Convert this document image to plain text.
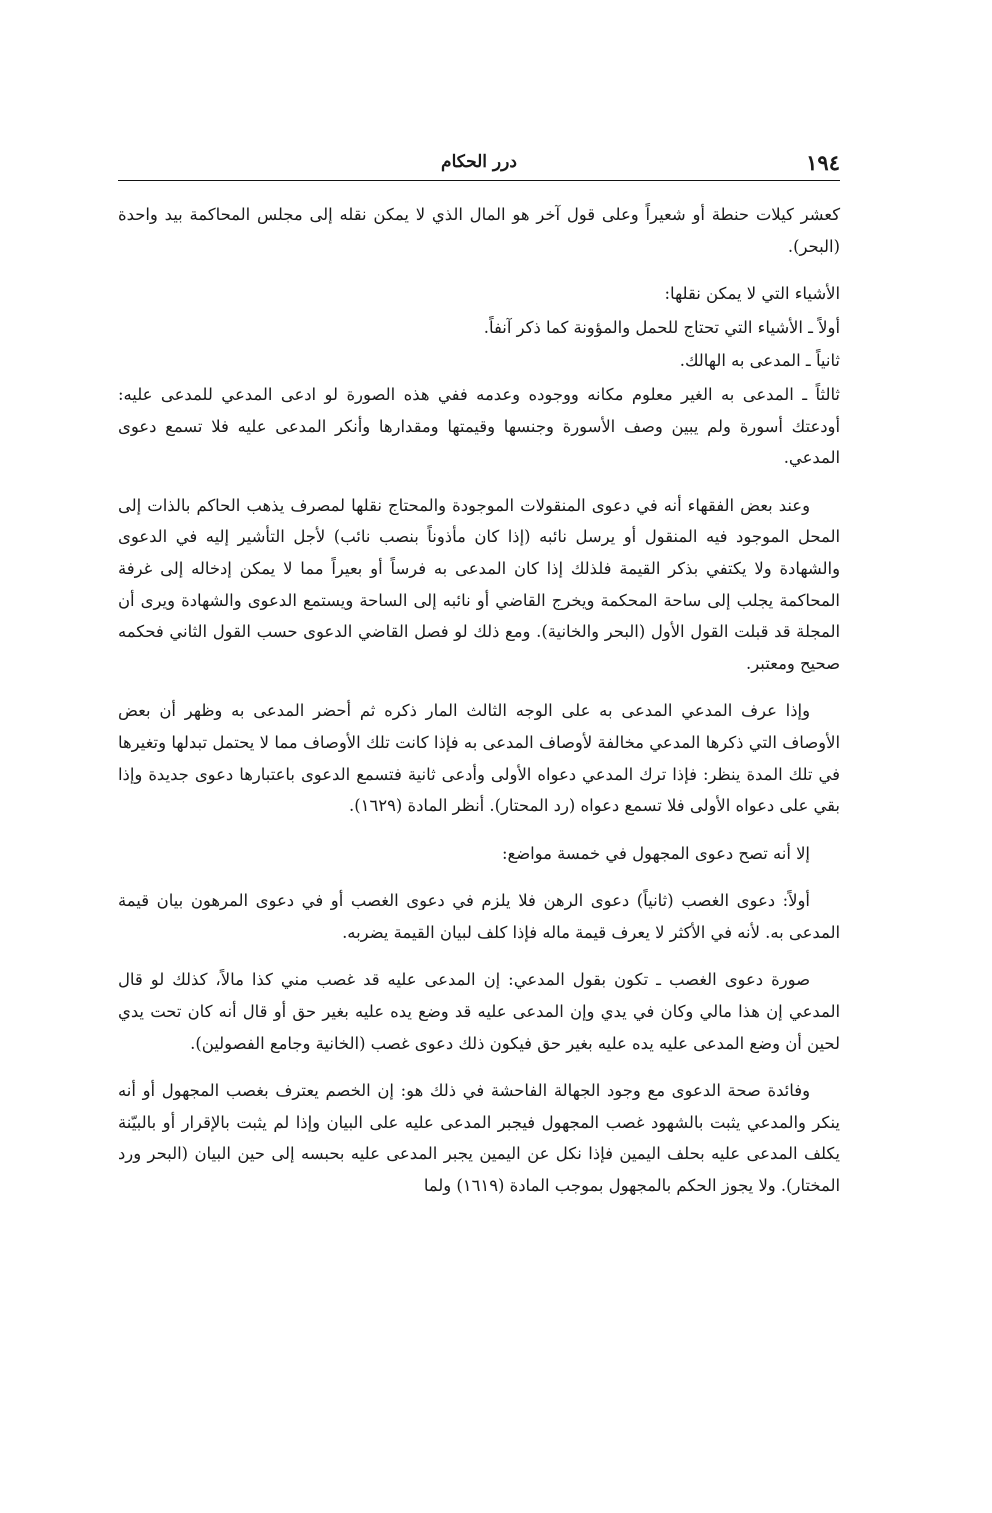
١٩٤
درر الحكام

كعشر كيلات حنطة أو شعيراً وعلى قول آخر هو المال الذي لا يمكن نقله إلى مجلس المحاكمة بيد واحدة (البحر).

الأشياء التي لا يمكن نقلها:

أولاً ـ الأشياء التي تحتاج للحمل والمؤونة كما ذكر آنفاً.

ثانياً ـ المدعى به الهالك.

ثالثاً ـ المدعى به الغير معلوم مكانه ووجوده وعدمه ففي هذه الصورة لو ادعى المدعي للمدعى عليه: أودعتك أسورة ولم يبين وصف الأسورة وجنسها وقيمتها ومقدارها وأنكر المدعى عليه فلا تسمع دعوى المدعي.

وعند بعض الفقهاء أنه في دعوى المنقولات الموجودة والمحتاج نقلها لمصرف يذهب الحاكم بالذات إلى المحل الموجود فيه المنقول أو يرسل نائبه (إذا كان مأذوناً بنصب نائب) لأجل التأشير إليه في الدعوى والشهادة ولا يكتفي بذكر القيمة فلذلك إذا كان المدعى به فرساً أو بعيراً مما لا يمكن إدخاله إلى غرفة المحاكمة يجلب إلى ساحة المحكمة ويخرج القاضي أو نائبه إلى الساحة ويستمع الدعوى والشهادة ويرى أن المجلة قد قبلت القول الأول (البحر والخانية). ومع ذلك لو فصل القاضي الدعوى حسب القول الثاني فحكمه صحيح ومعتبر.

وإذا عرف المدعي المدعى به على الوجه الثالث المار ذكره ثم أحضر المدعى به وظهر أن بعض الأوصاف التي ذكرها المدعي مخالفة لأوصاف المدعى به فإذا كانت تلك الأوصاف مما لا يحتمل تبدلها وتغيرها في تلك المدة ينظر: فإذا ترك المدعي دعواه الأولى وأدعى ثانية فتسمع الدعوى باعتبارها دعوى جديدة وإذا بقي على دعواه الأولى فلا تسمع دعواه (رد المحتار). أنظر المادة (١٦٢٩).

إلا أنه تصح دعوى المجهول في خمسة مواضع:

أولاً: دعوى الغصب (ثانياً) دعوى الرهن فلا يلزم في دعوى الغصب أو في دعوى المرهون بيان قيمة المدعى به. لأنه في الأكثر لا يعرف قيمة ماله فإذا كلف لبيان القيمة يضربه.

صورة دعوى الغصب ـ تكون بقول المدعي: إن المدعى عليه قد غصب مني كذا مالاً، كذلك لو قال المدعي إن هذا مالي وكان في يدي وإن المدعى عليه قد وضع يده عليه بغير حق أو قال أنه كان تحت يدي لحين أن وضع المدعى عليه يده عليه بغير حق فيكون ذلك دعوى غصب (الخانية وجامع الفصولين).

وفائدة صحة الدعوى مع وجود الجهالة الفاحشة في ذلك هو: إن الخصم يعترف بغصب المجهول أو أنه ينكر والمدعي يثبت بالشهود غصب المجهول فيجبر المدعى عليه على البيان وإذا لم يثبت بالإقرار أو بالبيّنة يكلف المدعى عليه بحلف اليمين فإذا نكل عن اليمين يجبر المدعى عليه بحبسه إلى حين البيان (البحر ورد المختار). ولا يجوز الحكم بالمجهول بموجب المادة (١٦١٩) ولما
